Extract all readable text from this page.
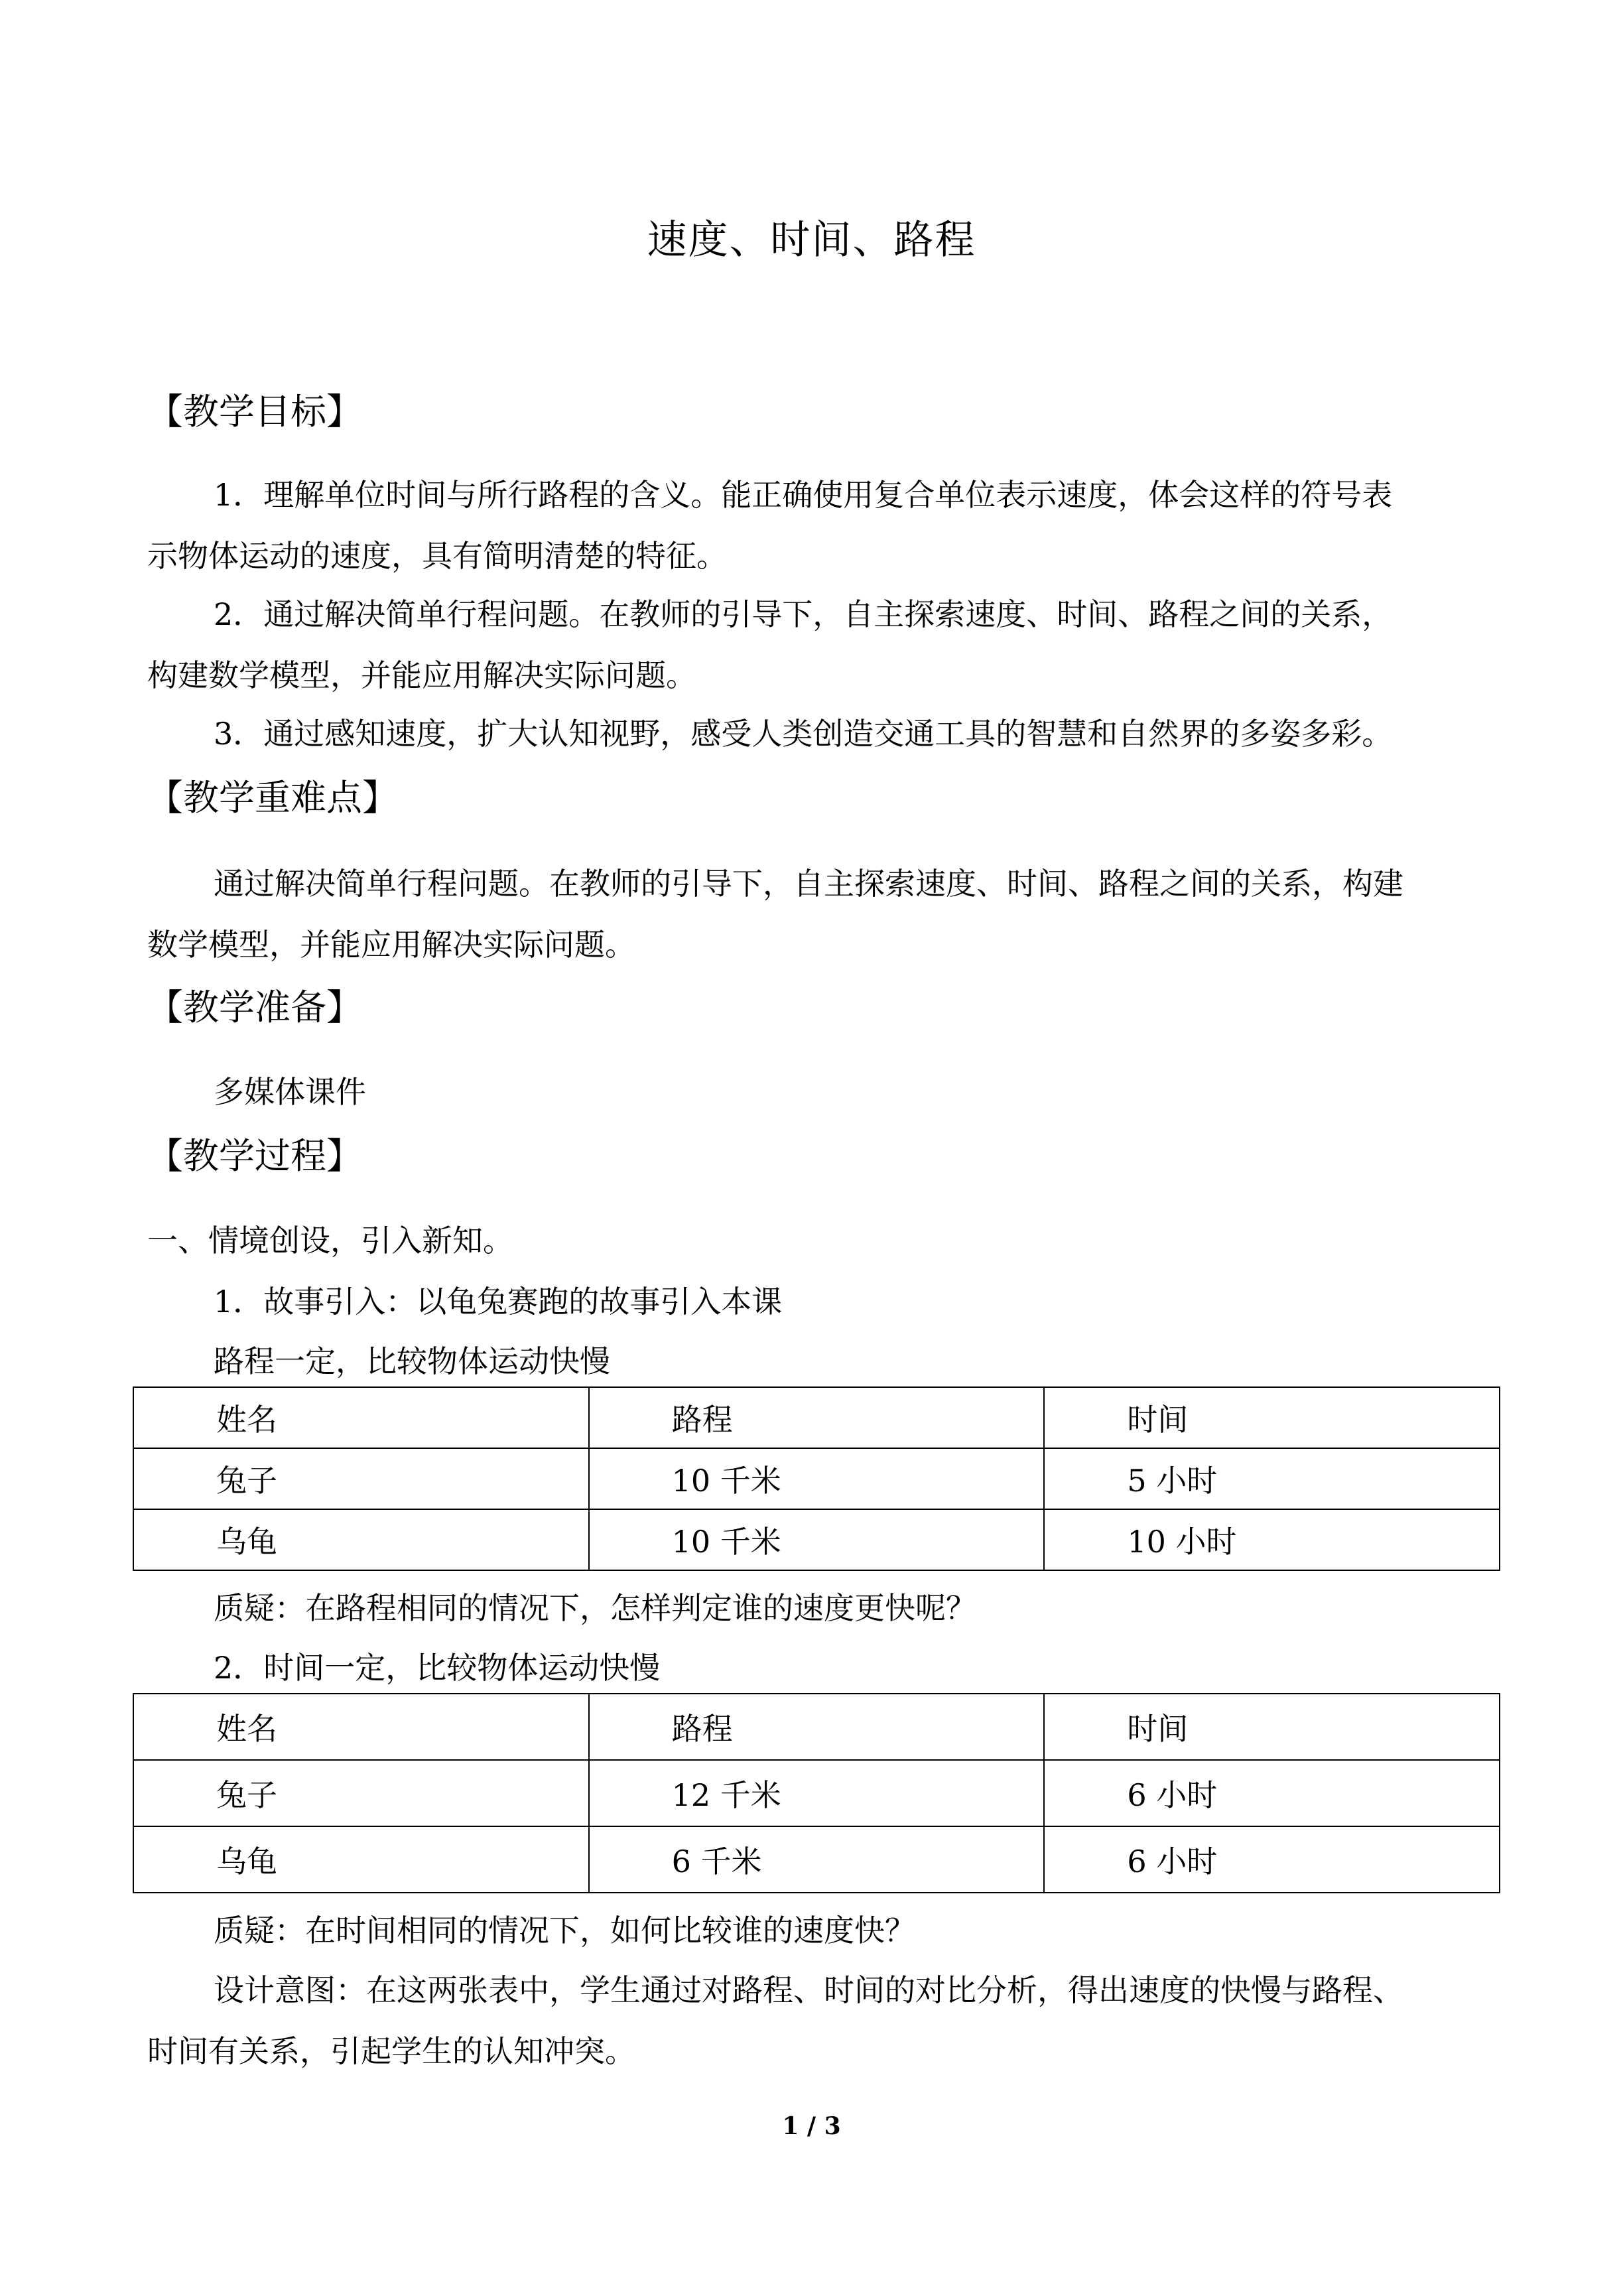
速度、时间、路程
【教学目标】
1．理解单位时间与所行路程的含义。能正确使用复合单位表示速度，体会这样的符号表
示物体运动的速度，具有简明清楚的特征。
2．通过解决简单行程问题。在教师的引导下，自主探索速度、时间、路程之间的关系，
构建数学模型，并能应用解决实际问题。
3．通过感知速度，扩大认知视野，感受人类创造交通工具的智慧和自然界的多姿多彩。
【教学重难点】
通过解决简单行程问题。在教师的引导下，自主探索速度、时间、路程之间的关系，构建
数学模型，并能应用解决实际问题。
【教学准备】
多媒体课件
【教学过程】
一、情境创设，引入新知。
1．故事引入：以龟兔赛跑的故事引入本课
路程一定，比较物体运动快慢
姓名	路程	时间
兔子	10 千米	5 小时
乌龟	10 千米	10 小时
质疑：在路程相同的情况下，怎样判定谁的速度更快呢？
2．时间一定，比较物体运动快慢
姓名	路程	时间
兔子	12 千米	6 小时
乌龟	6 千米	6 小时
质疑：在时间相同的情况下，如何比较谁的速度快？
设计意图：在这两张表中，学生通过对路程、时间的对比分析，得出速度的快慢与路程、
时间有关系，引起学生的认知冲突。
1 / 3
